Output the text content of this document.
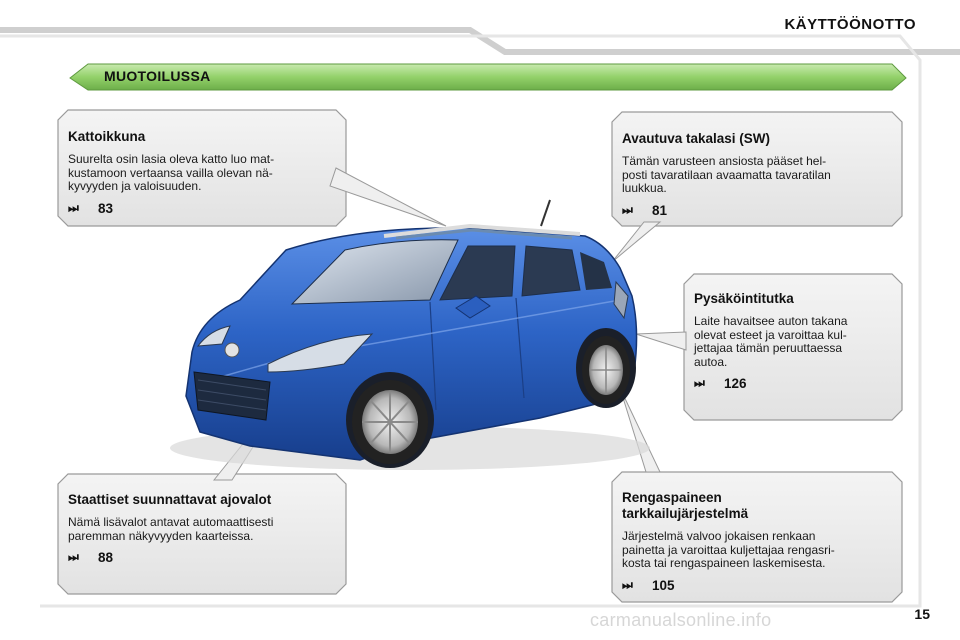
KÄYTTÖÖNOTTO
MUOTOILUSSA
Kattoikkuna

Suurelta osin lasia oleva katto luo mat-
kustamoon vertaansa vailla olevan nä-
kyvyyden ja valoisuuden.

⏭	83
Avautuva takalasi (SW)

Tämän varusteen ansiosta pääset hel-
posti tavaratilaan avaamatta tavaratilan
luukkua.

⏭	81
Pysäköintitutka

Laite havaitsee auton takana
olevat esteet ja varoittaa kul-
jettajaa tämän peruuttaessa
autoa.

⏭	126
Staattiset suunnattavat ajovalot

Nämä lisävalot antavat automaattisesti
paremman näkyvyyden kaarteissa.

⏭	88
Rengaspaineen
tarkkailujärjestelmä

Järjestelmä valvoo jokaisen renkaan
painetta ja varoittaa kuljettajaa rengasri-
kosta tai rengaspaineen laskemisesta.

⏭	105
carmanualsonline.info	15
